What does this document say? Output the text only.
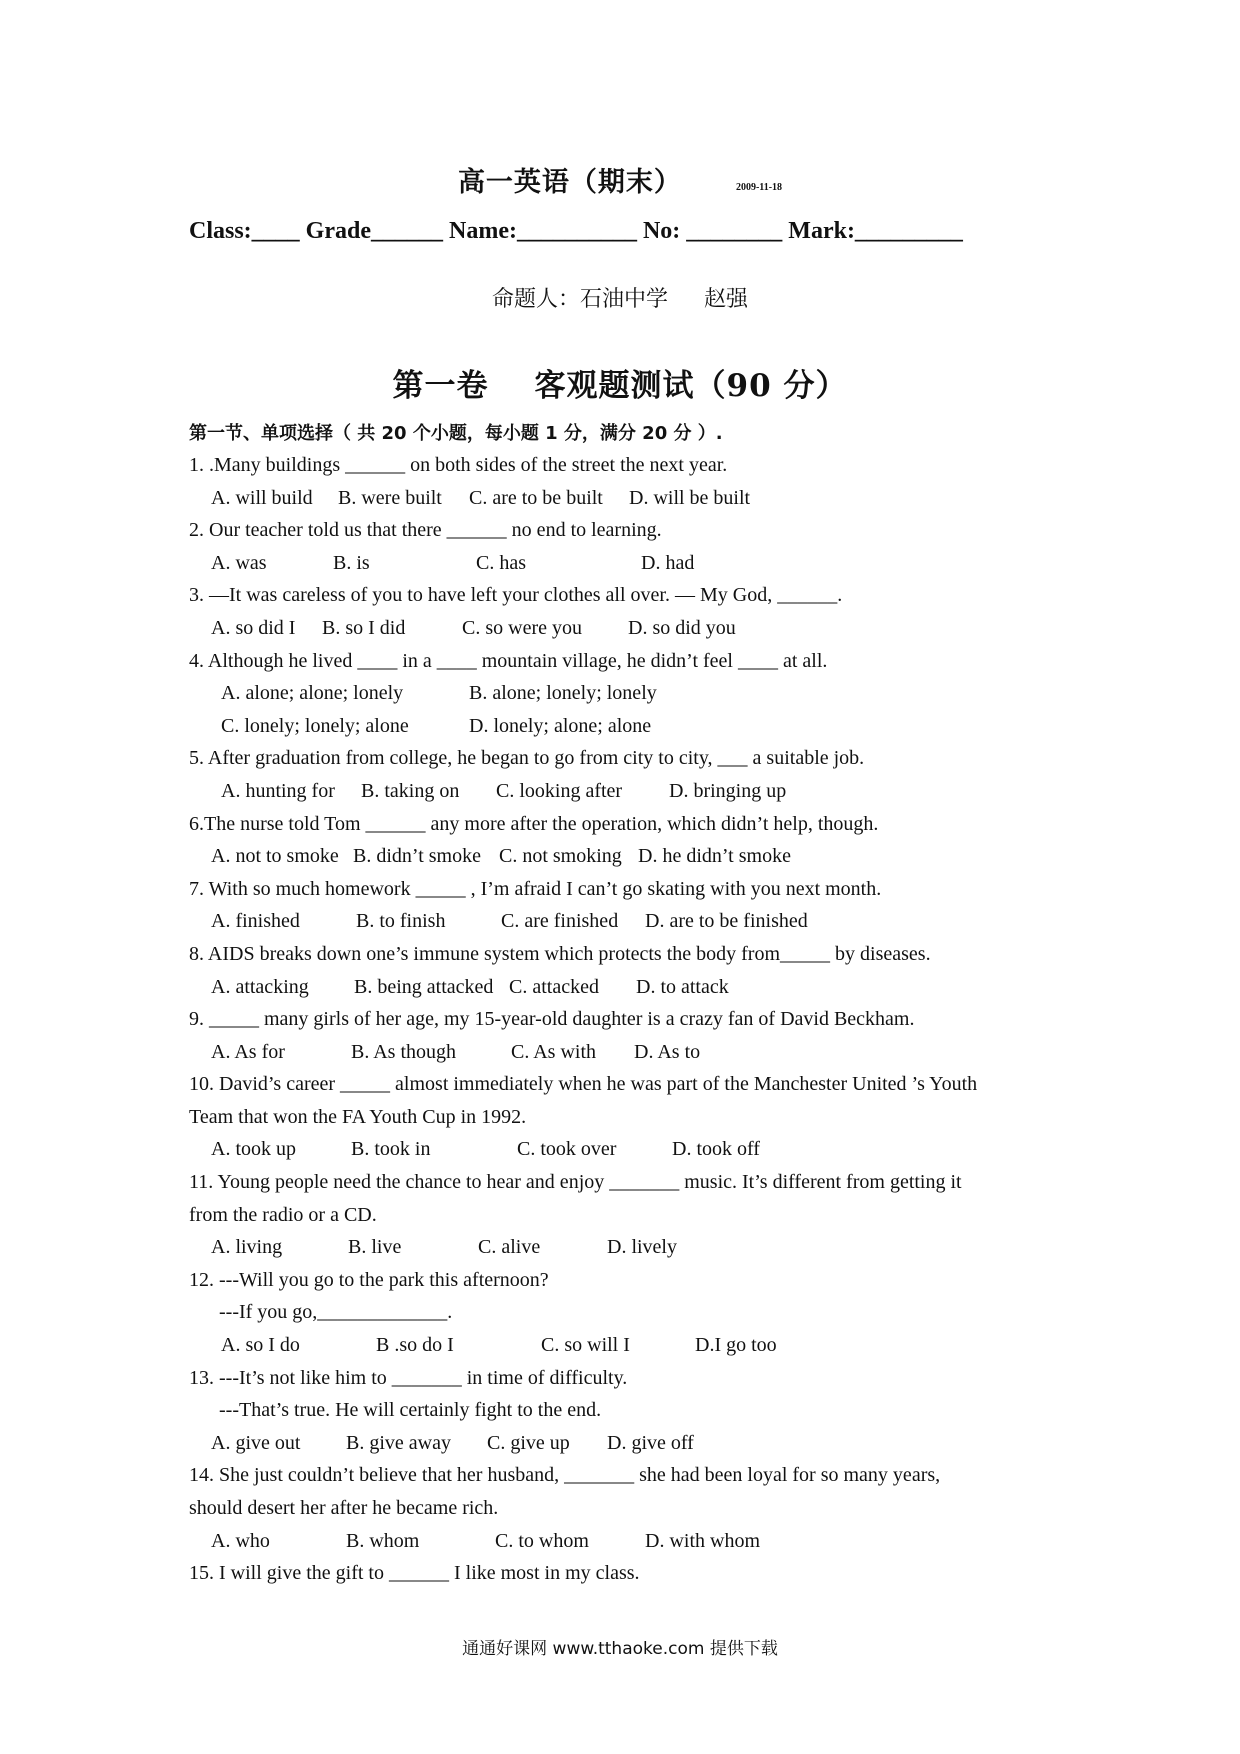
高一英语（期末）	2009-11-18
Class:____ Grade______ Name:__________ No: ________ Mark:_________
命题人：石油中学 赵强
第一卷 客观题测试（90 分）
第一节、单项选择（ 共 20 个小题，每小题 1 分，满分 20 分 ）.
1. .Many buildings ______ on both sides of the street the next year.
A. will build B. were built C. are to be built D. will be built
2. Our teacher told us that there ______ no end to learning.
A. was	B. is	C. has	D. had
3. —It was careless of you to have left your clothes all over. — My God, ______.
A. so did I B. so I did	C. so were you D. so did you
4. Although he lived ____ in a ____ mountain village, he didn’t feel ____ at all.
A. alone; alone; lonely	B. alone; lonely; lonely
C. lonely; lonely; alone	D. lonely; alone; alone
5. After graduation from college, he began to go from city to city, ___ a suitable job.
A. hunting for B. taking on C. looking after D. bringing up
6.The nurse told Tom ______ any more after the operation, which didn’t help, though.
A. not to smoke B. didn’t smoke C. not smoking D. he didn’t smoke
7. With so much homework _____ , I’m afraid I can’t go skating with you next month.
A. finished	B. to finish	C. are finished D. are to be finished
8. AIDS breaks down one’s immune system which protects the body from_____ by diseases.
A. attacking B. being attacked C. attacked D. to attack
9. _____ many girls of her age, my 15-year-old daughter is a crazy fan of David Beckham.
A. As for	B. As though	C. As with D. As to
10. David’s career _____ almost immediately when he was part of the Manchester United ’s Youth
Team that won the FA Youth Cup in 1992.
A. took up	B. took in	C. took over	D. took off
11. Young people need the chance to hear and enjoy _______ music. It’s different from getting it
from the radio or a CD.
A. living	B. live	C. alive	D. lively
12. ---Will you go to the park this afternoon?
---If you go,_____________.
A. so I do	B .so do I	C. so will I	D.I go too
13. ---It’s not like him to _______ in time of difficulty.
---That’s true. He will certainly fight to the end.
A. give out B. give away C. give up D. give off
14. She just couldn’t believe that her husband, _______ she had been loyal for so many years,
should desert her after he became rich.
A. who	B. whom	C. to whom	D. with whom
15. I will give the gift to ______ I like most in my class.
通通好课网 www.tthaoke.com 提供下载
